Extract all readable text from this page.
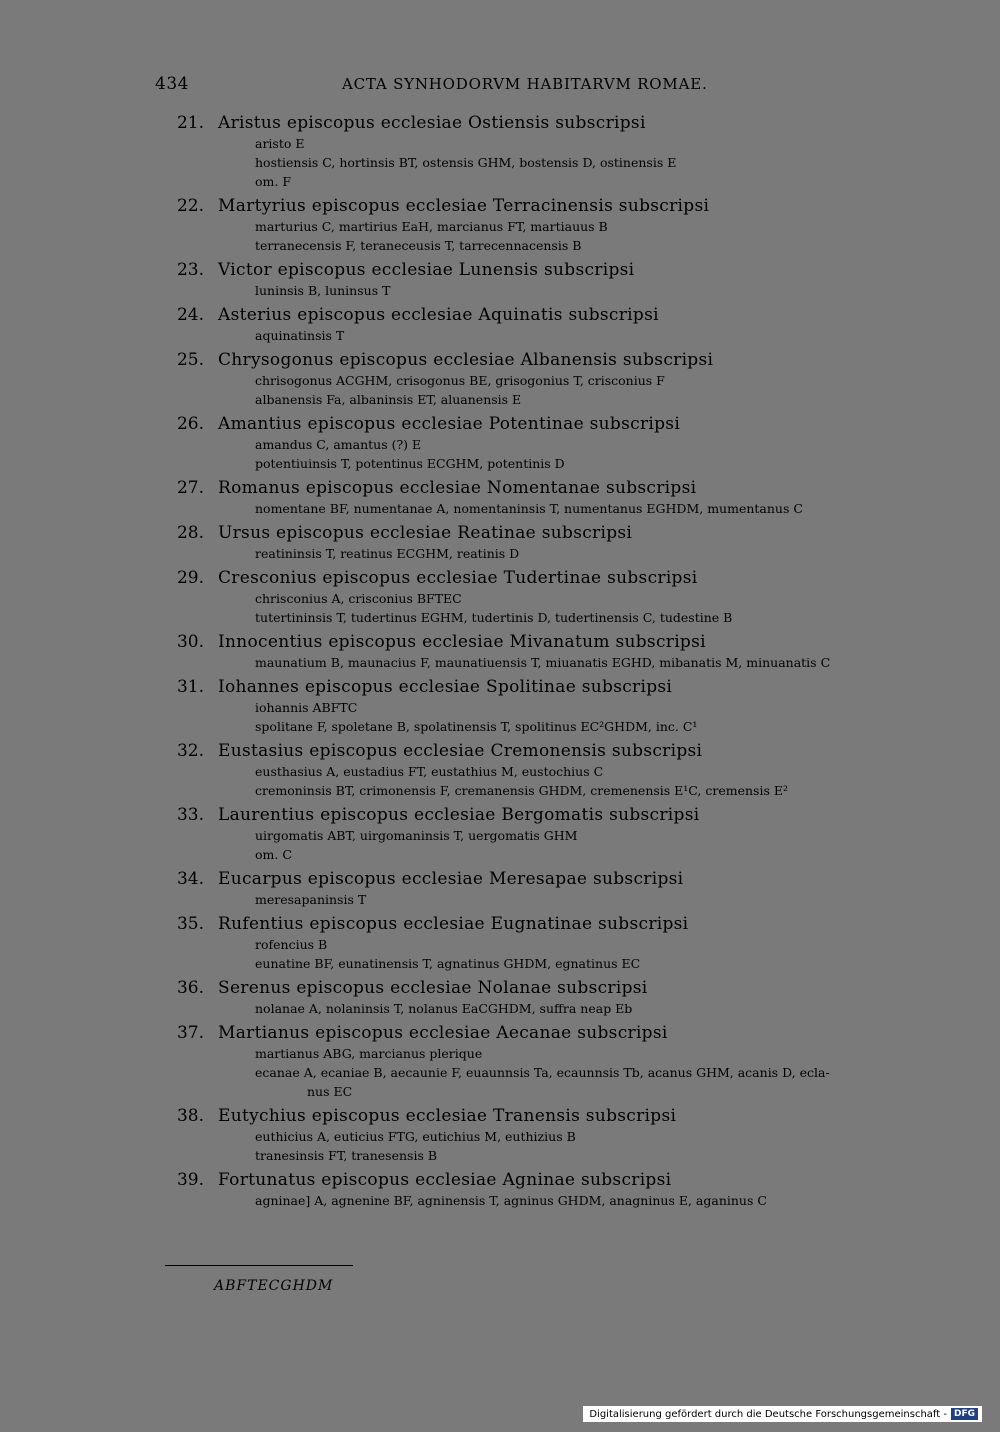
434	ACTA SYNHODORVM HABITARVM ROMAE.
21. Aristus episcopus ecclesiae Ostiensis subscripsi
aristo E
hostiensis C, hortinsis BT, ostensis GHM, bostensis D, ostinensis E
om. F
22. Martyrius episcopus ecclesiae Terracinensis subscripsi
marturius C, martirius EaH, marcianus FT, martiauus B
terranecensis F, teraneceusis T, tarrecennacensis B
23. Victor episcopus ecclesiae Lunensis subscripsi
luninsis B, luninsus T
24. Asterius episcopus ecclesiae Aquinatis subscripsi
aquinatinsis T
25. Chrysogonus episcopus ecclesiae Albanensis subscripsi
chrisogonus ACGHM, crisogonus BE, grisogonius T, crisconius F
albanensis Fa, albaninsis ET, aluanensis E
26. Amantius episcopus ecclesiae Potentinae subscripsi
amandus C, amantus (?) E
potentiuinsis T, potentinus ECGHM, potentinis D
27. Romanus episcopus ecclesiae Nomentanae subscripsi
nomentane BF, numentanae A, nomentaninsis T, numentanus EGHDM, mumentanus C
28. Ursus episcopus ecclesiae Reatinae subscripsi
reatininsis T, reatinus ECGHM, reatinis D
29. Cresconius episcopus ecclesiae Tudertinae subscripsi
chrisconius A, crisconius BFTEC
tutertininsis T, tudertinus EGHM, tudertinis D, tudertinensis C, tudestine B
30. Innocentius episcopus ecclesiae Mivanatum subscripsi
maunatium B, maunacius F, maunatiuensis T, miuanatis EGHD, mibanatis M, minuanatis C
31. Iohannes episcopus ecclesiae Spolitinae subscripsi
iohannis ABFTC
spolitane F, spoletane B, spolatinensis T, spolitinus EC²GHDM, inc. C¹
32. Eustasius episcopus ecclesiae Cremonensis subscripsi
eusthasius A, eustadius FT, eustathius M, eustochius C
cremoninsis BT, crimonensis F, cremanensis GHDM, cremenensis E¹C, cremensis E²
33. Laurentius episcopus ecclesiae Bergomatis subscripsi
uirgomatis ABT, uirgomaninsis T, uergomatis GHM
om. C
34. Eucarpus episcopus ecclesiae Meresapae subscripsi
meresapaninsis T
35. Rufentius episcopus ecclesiae Eugnatinae subscripsi
rofencius B
eunatine BF, eunatinensis T, agnatinus GHDM, egnatinus EC
36. Serenus episcopus ecclesiae Nolanae subscripsi
nolanae A, nolaninsis T, nolanus EaCGHDM, suffra neap Eb
37. Martianus episcopus ecclesiae Aecanae subscripsi
martianus ABG, marcianus plerique
ecanae A, ecaniae B, aecaunie F, euaunnsis Ta, ecaunnsis Tb, acanus GHM, acanis D, ecla-
nus EC
38. Eutychius episcopus ecclesiae Tranensis subscripsi
euthicius A, euticius FTG, eutichius M, euthizius B
tranesinsis FT, tranesensis B
39. Fortunatus episcopus ecclesiae Agninae subscripsi
agninae] A, agnenine BF, agninensis T, agninus GHDM, anagninus E, aganinus C
ABFTECGHDM
Digitalisierung gefördert durch die Deutsche Forschungsgemeinschaft - DFG
